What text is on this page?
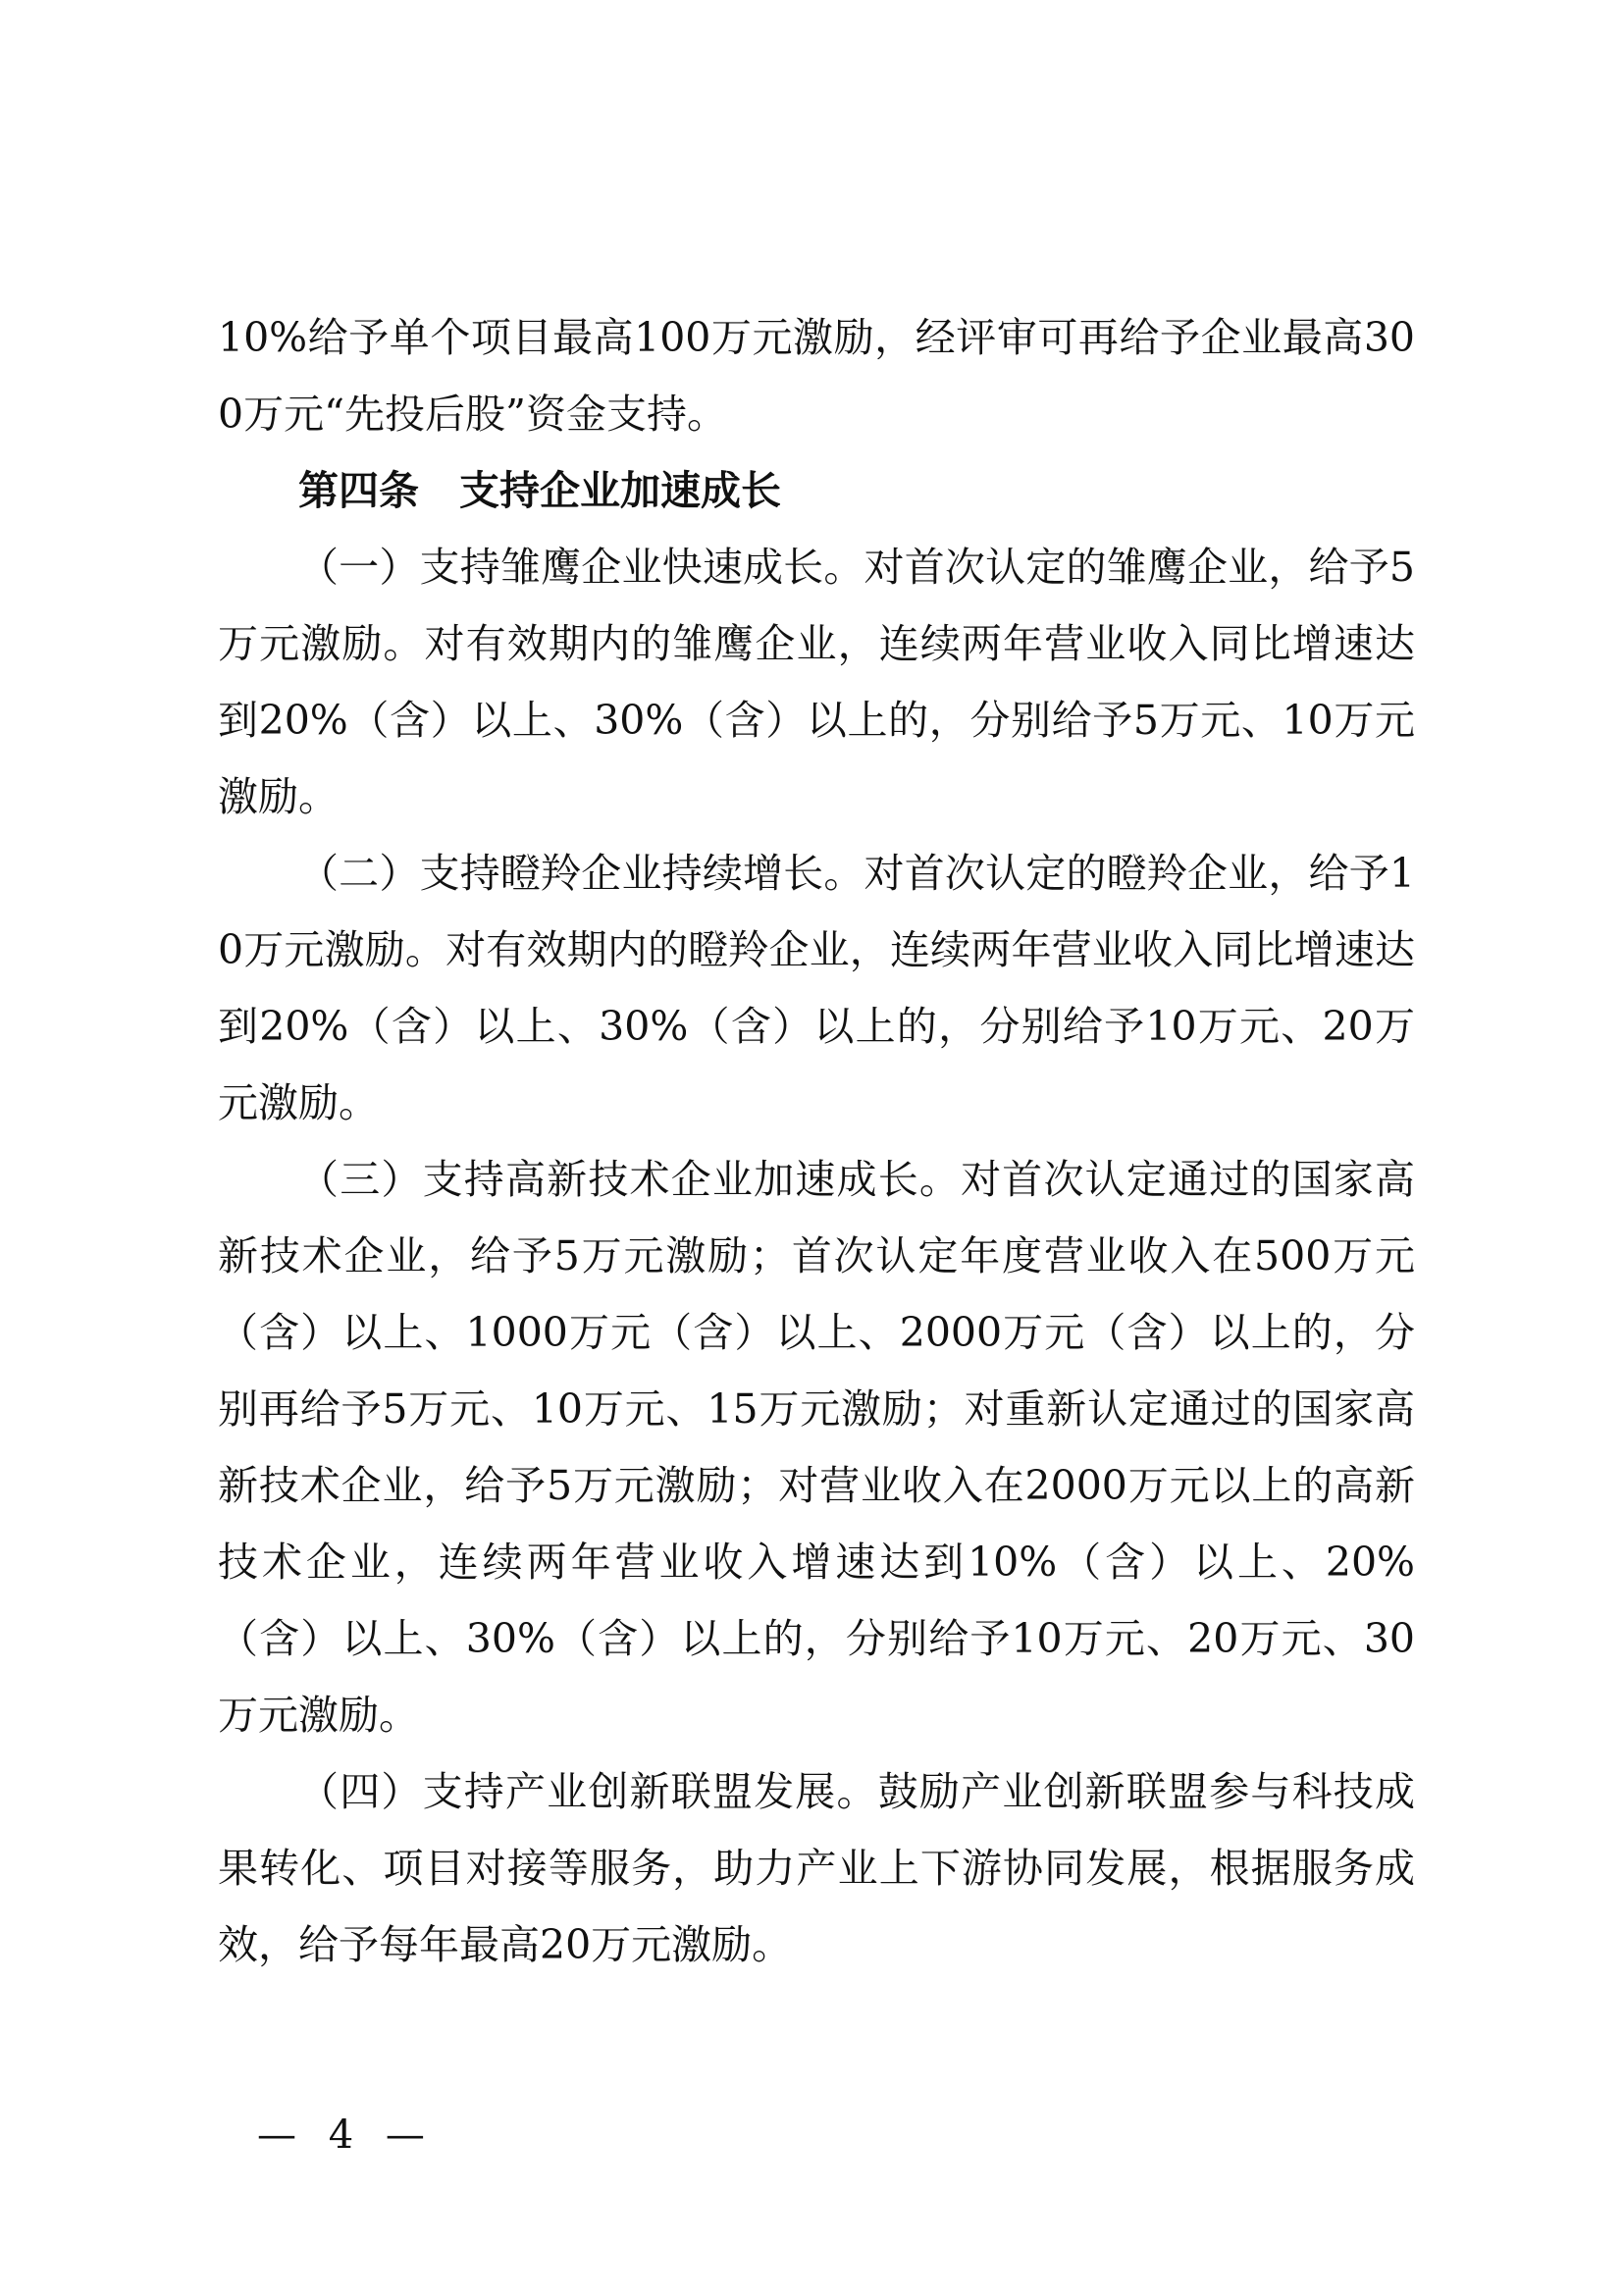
10%给予单个项目最高100万元激励，经评审可再给予企业最高300万元“先投后股”资金支持。

第四条　支持企业加速成长

（一）支持雏鹰企业快速成长。对首次认定的雏鹰企业，给予5万元激励。对有效期内的雏鹰企业，连续两年营业收入同比增速达到20%（含）以上、30%（含）以上的，分别给予5万元、10万元激励。

（二）支持瞪羚企业持续增长。对首次认定的瞪羚企业，给予10万元激励。对有效期内的瞪羚企业，连续两年营业收入同比增速达到20%（含）以上、30%（含）以上的，分别给予10万元、20万元激励。

（三）支持高新技术企业加速成长。对首次认定通过的国家高新技术企业，给予5万元激励；首次认定年度营业收入在500万元（含）以上、1000万元（含）以上、2000万元（含）以上的，分别再给予5万元、10万元、15万元激励；对重新认定通过的国家高新技术企业，给予5万元激励；对营业收入在2000万元以上的高新技术企业，连续两年营业收入增速达到10%（含）以上、20%（含）以上、30%（含）以上的，分别给予10万元、20万元、30万元激励。

（四）支持产业创新联盟发展。鼓励产业创新联盟参与科技成果转化、项目对接等服务，助力产业上下游协同发展，根据服务成效，给予每年最高20万元激励。

— 4 —
